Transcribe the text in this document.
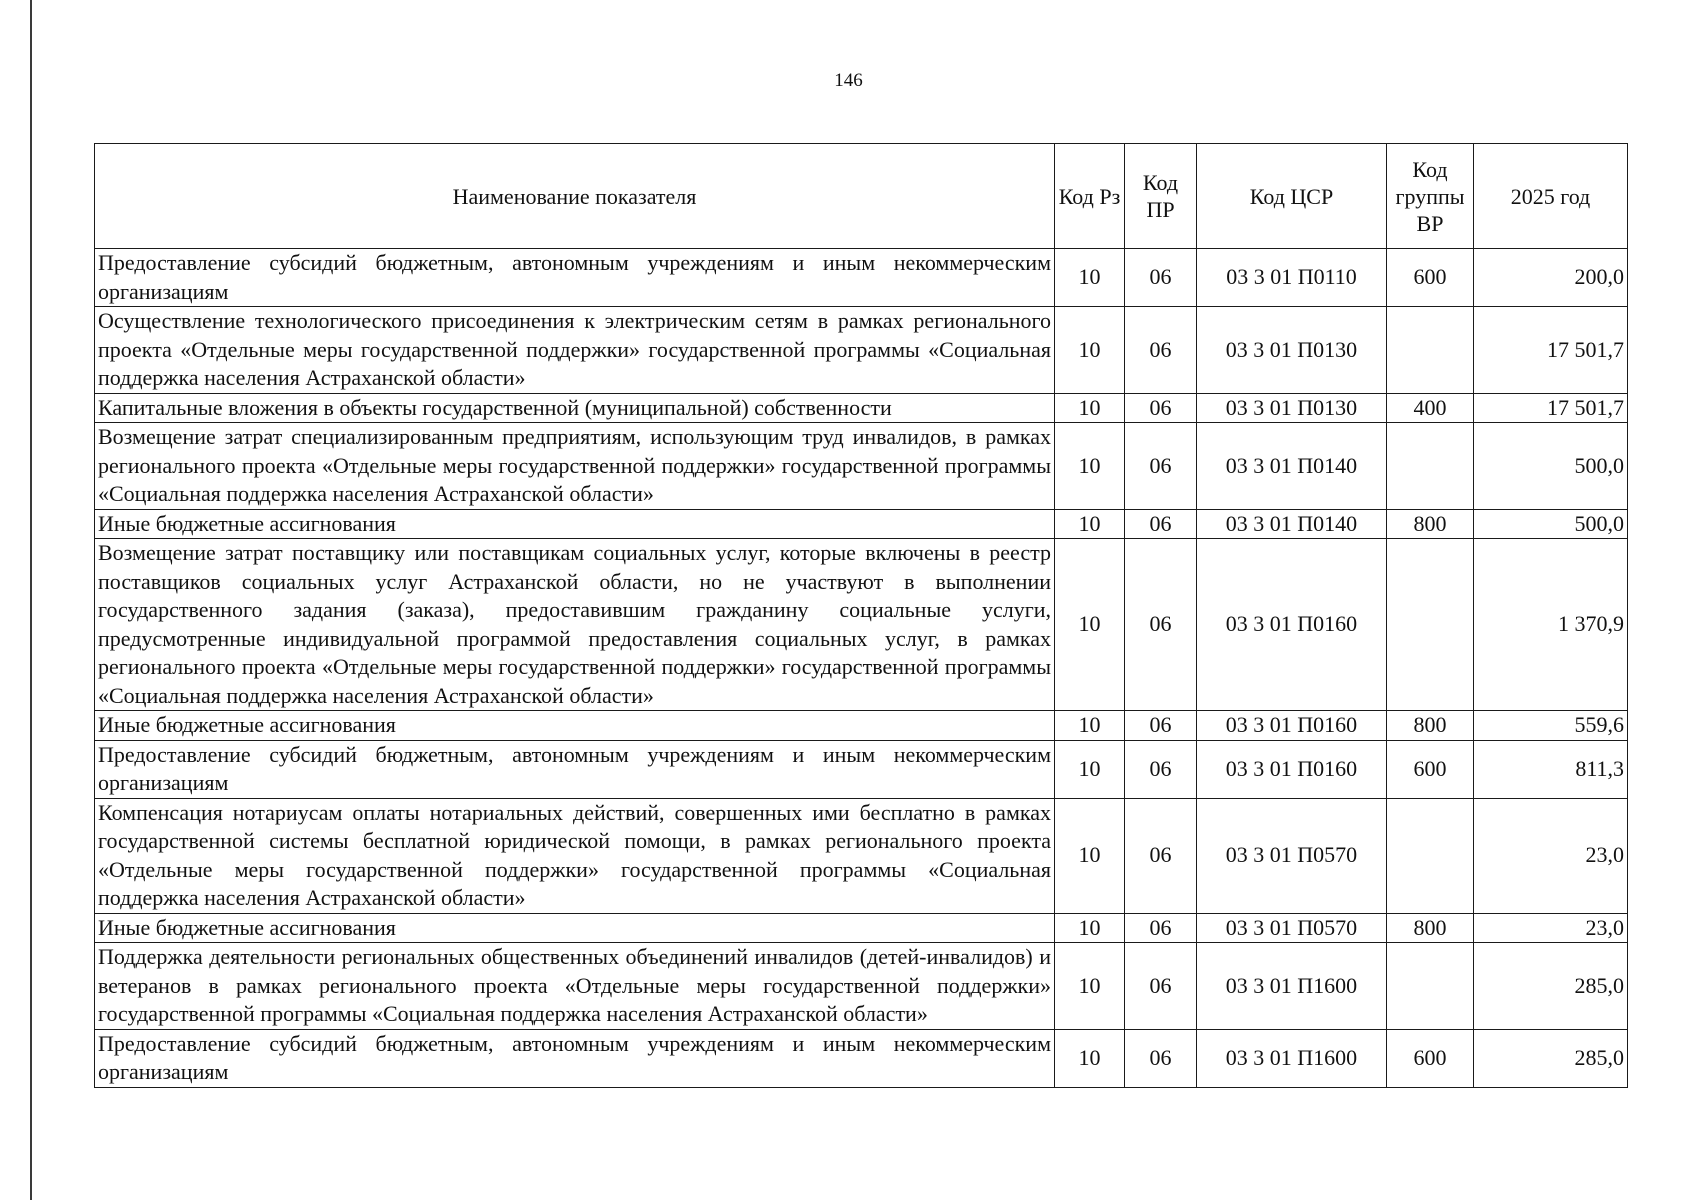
146
Наименование показателя	Код Рз	Код ПР	Код ЦСР	Код группы ВР	2025 год
Предоставление субсидий бюджетным, автономным учреждениям и иным некоммерческим организациям	10	06	03 3 01 П0110	600	200,0
Осуществление технологического присоединения к электрическим сетям в рамках регионального проекта «Отдельные меры государственной поддержки» государственной программы «Социальная поддержка населения Астраханской области»	10	06	03 3 01 П0130		17 501,7
Капитальные вложения в объекты государственной (муниципальной) собственности	10	06	03 3 01 П0130	400	17 501,7
Возмещение затрат специализированным предприятиям, использующим труд инвалидов, в рамках регионального проекта «Отдельные меры государственной поддержки» государственной программы «Социальная поддержка населения Астраханской области»	10	06	03 3 01 П0140		500,0
Иные бюджетные ассигнования	10	06	03 3 01 П0140	800	500,0
Возмещение затрат поставщику или поставщикам социальных услуг, которые включены в реестр поставщиков социальных услуг Астраханской области, но не участвуют в выполнении государственного задания (заказа), предоставившим гражданину социальные услуги, предусмотренные индивидуальной программой предоставления социальных услуг, в рамках регионального проекта «Отдельные меры государственной поддержки» государственной программы «Социальная поддержка населения Астраханской области»	10	06	03 3 01 П0160		1 370,9
Иные бюджетные ассигнования	10	06	03 3 01 П0160	800	559,6
Предоставление субсидий бюджетным, автономным учреждениям и иным некоммерческим организациям	10	06	03 3 01 П0160	600	811,3
Компенсация нотариусам оплаты нотариальных действий, совершенных ими бесплатно в рамках государственной системы бесплатной юридической помощи, в рамках регионального проекта «Отдельные меры государственной поддержки» государственной программы «Социальная поддержка населения Астраханской области»	10	06	03 3 01 П0570		23,0
Иные бюджетные ассигнования	10	06	03 3 01 П0570	800	23,0
Поддержка деятельности региональных общественных объединений инвалидов (детей-инвалидов) и ветеранов в рамках регионального проекта «Отдельные меры государственной поддержки» государственной программы «Социальная поддержка населения Астраханской области»	10	06	03 3 01 П1600		285,0
Предоставление субсидий бюджетным, автономным учреждениям и иным некоммерческим организациям	10	06	03 3 01 П1600	600	285,0
